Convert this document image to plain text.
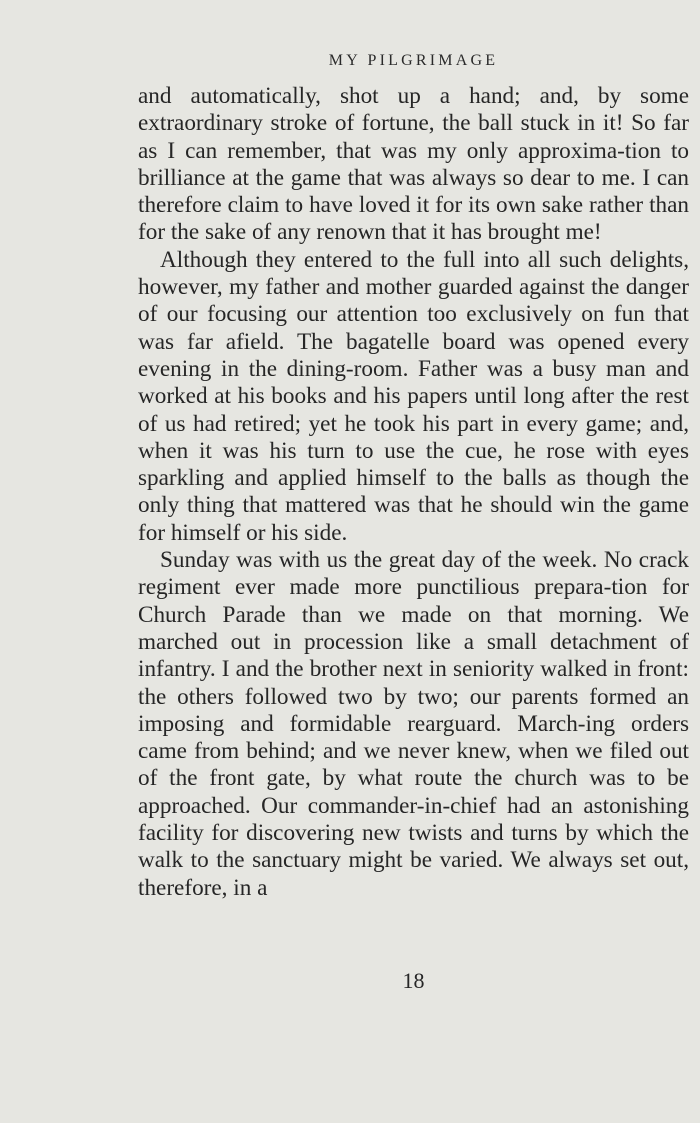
MY PILGRIMAGE

and automatically, shot up a hand; and, by some extraordinary stroke of fortune, the ball stuck in it! So far as I can remember, that was my only approxima-tion to brilliance at the game that was always so dear to me. I can therefore claim to have loved it for its own sake rather than for the sake of any renown that it has brought me!

Although they entered to the full into all such delights, however, my father and mother guarded against the danger of our focusing our attention too exclusively on fun that was far afield. The bagatelle board was opened every evening in the dining-room. Father was a busy man and worked at his books and his papers until long after the rest of us had retired; yet he took his part in every game; and, when it was his turn to use the cue, he rose with eyes sparkling and applied himself to the balls as though the only thing that mattered was that he should win the game for himself or his side.

Sunday was with us the great day of the week. No crack regiment ever made more punctilious prepara-tion for Church Parade than we made on that morning. We marched out in procession like a small detachment of infantry. I and the brother next in seniority walked in front: the others followed two by two; our parents formed an imposing and formidable rearguard. March-ing orders came from behind; and we never knew, when we filed out of the front gate, by what route the church was to be approached. Our commander-in-chief had an astonishing facility for discovering new twists and turns by which the walk to the sanctuary might be varied. We always set out, therefore, in a

18
